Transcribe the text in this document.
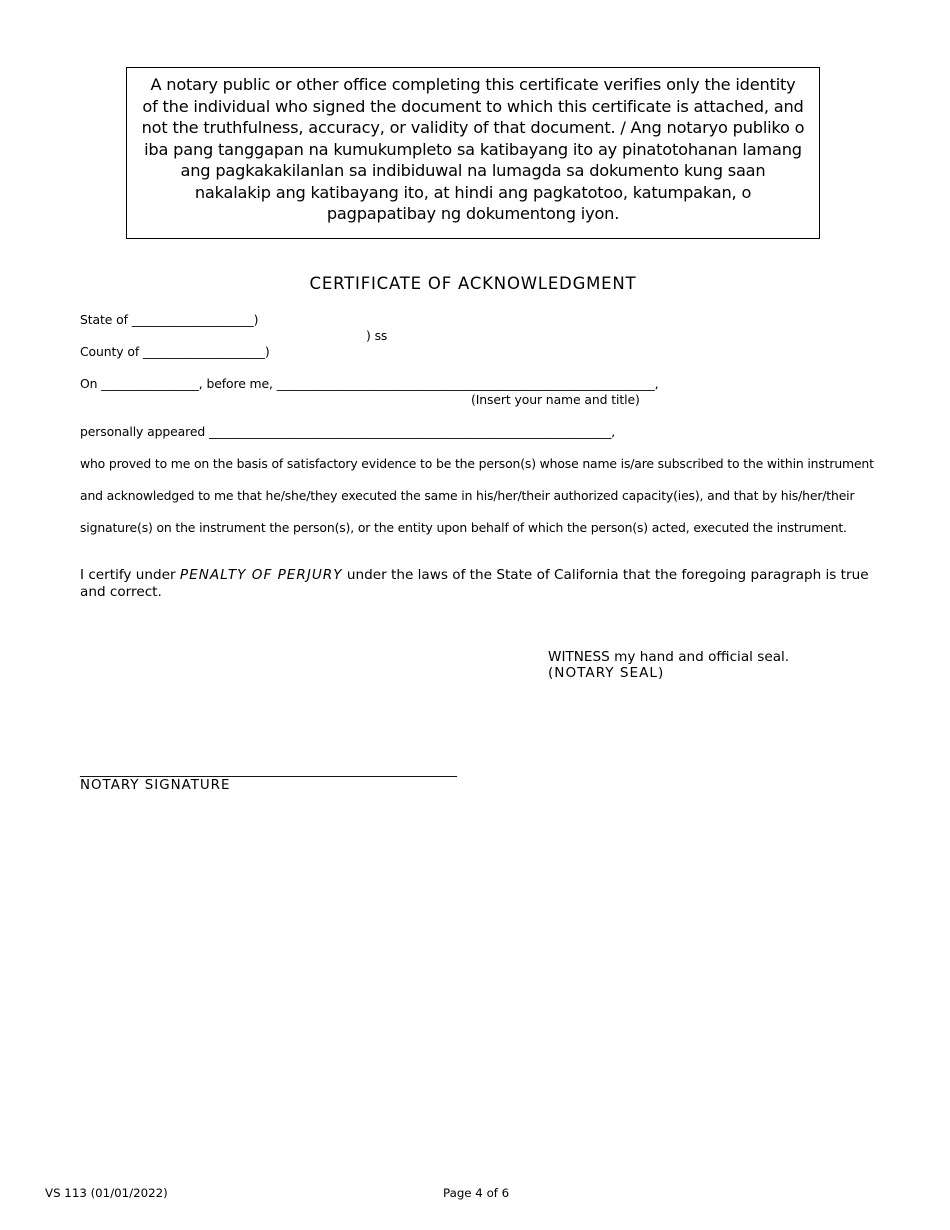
A notary public or other office completing this certificate verifies only the identity of the individual who signed the document to which this certificate is attached, and not the truthfulness, accuracy, or validity of that document. / Ang notaryo publiko o iba pang tanggapan na kumukumpleto sa katibayang ito ay pinatotohanan lamang ang pagkakakilanlan sa indibiduwal na lumagda sa dokumento kung saan nakalakip ang katibayang ito, at hindi ang pagkatotoo, katumpakan, o pagpapatibay ng dokumentong iyon.
CERTIFICATE OF ACKNOWLEDGMENT
State of ____________________)
) ss
County of ____________________)
On ________________, before me, ______________________________________________________________,
(Insert your name and title)
personally appeared __________________________________________________________________,
who proved to me on the basis of satisfactory evidence to be the person(s) whose name is/are subscribed to the within instrument
and acknowledged to me that he/she/they executed the same in his/her/their authorized capacity(ies), and that by his/her/their
signature(s) on the instrument the person(s), or the entity upon behalf of which the person(s) acted, executed the instrument.
I certify under PENALTY OF PERJURY under the laws of the State of California that the foregoing paragraph is true and correct.
WITNESS my hand and official seal.
(NOTARY SEAL)
__________________________________________________________
NOTARY SIGNATURE
VS 113 (01/01/2022)	Page 4 of 6
